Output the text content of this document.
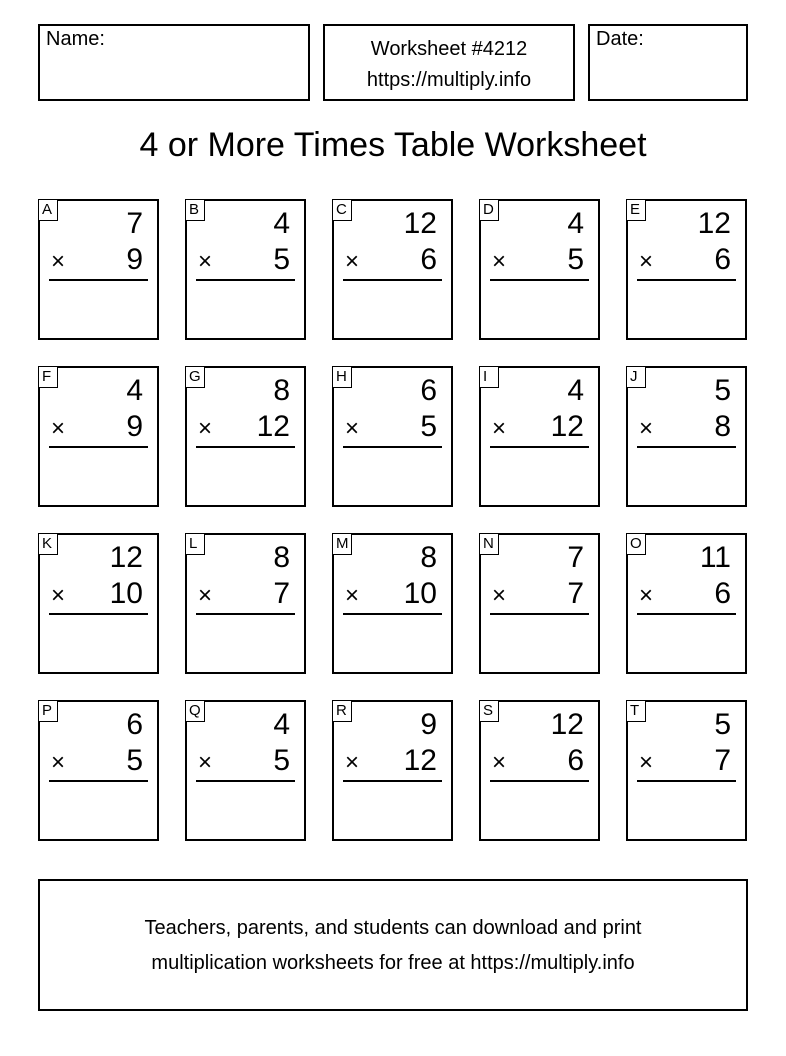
Name:	Worksheet #4212
https://multiply.info
Date:
4 or More Times Table Worksheet
A 7
× 9
B 4
× 5
C 12
× 6
D 4
× 5
E 12
× 6
F	4
× 9
G 8
× 12
H 6
× 5
I	4
× 12
J	5
× 8
K 12
× 10
L	8
× 7
M 8
× 10
N 7
× 7
O 11
× 6
P 6
× 5
Q 4
× 5
R 9
× 12
S 12
× 6
T	5
× 7
Teachers, parents, and students can download and print
multiplication worksheets for free at https://multiply.info
